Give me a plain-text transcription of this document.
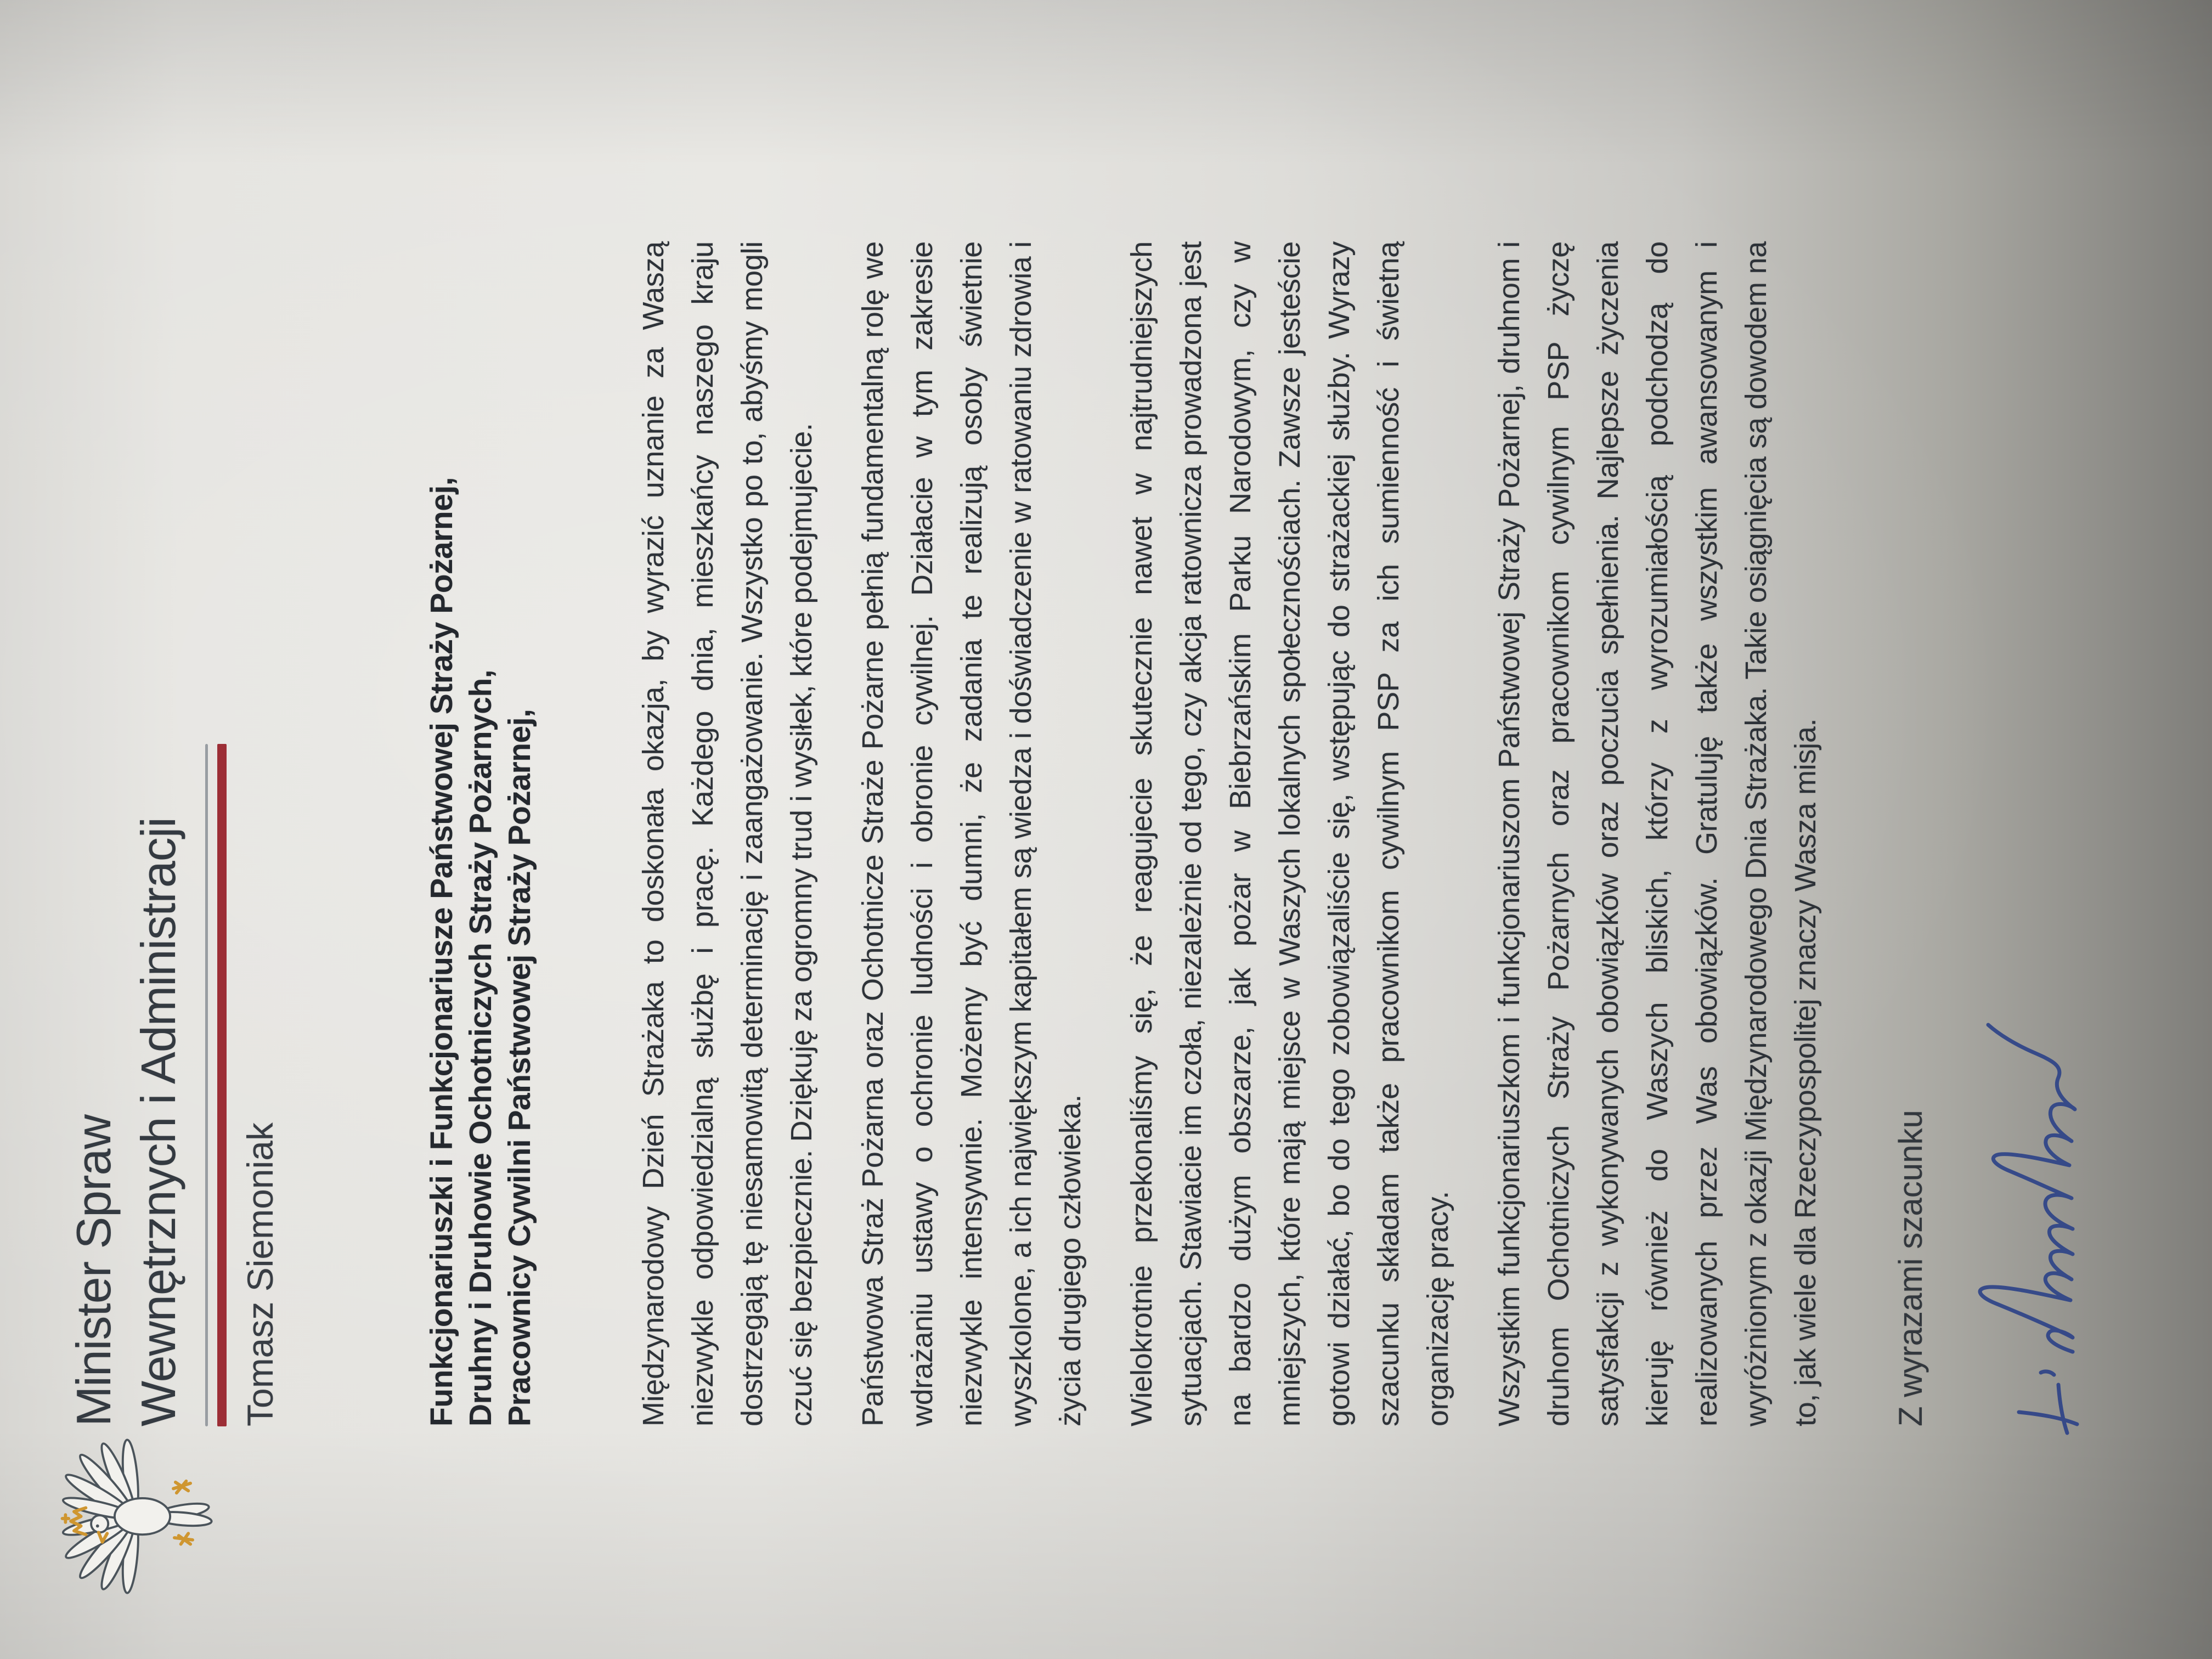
Minister Spraw Wewnętrznych i Administracji Tomasz Siemoniak	Funkcjonariuszki i Funkcjonariusze Państwowej Straży Pożarnej, Druhny i Druhowie Ochotniczych Straży Pożarnych, Pracownicy Cywilni Państwowej Straży Pożarnej,	Międzynarodowy Dzień Strażaka to doskonała okazja, by wyrazić uznanie za Waszą niezwykle odpowiedzialną służbę i pracę. Każdego dnia, mieszkańcy naszego kraju dostrzegają tę niesamowitą determinację i zaangażowanie. Wszystko po to, abyśmy mogli czuć się bezpiecznie. Dziękuję za ogromny trud i wysiłek, które podejmujecie. Państwowa Straż Pożarna oraz Ochotnicze Straże Pożarne pełnią fundamentalną rolę we wdrażaniu ustawy o ochronie ludności i obronie cywilnej. Działacie w tym zakresie niezwykle intensywnie. Możemy być dumni, że zadania te realizują osoby świetnie wyszkolone, a ich największym kapitałem są wiedza i doświadczenie w ratowaniu zdrowia i życia drugiego człowieka. Wielokrotnie przekonaliśmy się, że reagujecie skutecznie nawet w najtrudniejszych sytuacjach. Stawiacie im czoła, niezależnie od tego, czy akcja ratownicza prowadzona jest na bardzo dużym obszarze, jak pożar w Biebrzańskim Parku Narodowym, czy w mniejszych, które mają miejsce w Waszych lokalnych społecznościach. Zawsze jesteście gotowi działać, bo do tego zobowiązaliście się, wstępując do strażackiej służby. Wyrazy szacunku składam także pracownikom cywilnym PSP za ich sumienność i świetną organizację pracy. Wszystkim funkcjonariuszkom i funkcjonariuszom Państwowej Straży Pożarnej, druhnom i druhom Ochotniczych Straży Pożarnych oraz pracownikom cywilnym PSP życzę satysfakcji z wykonywanych obowiązków oraz poczucia spełnienia. Najlepsze życzenia kieruję również do Waszych bliskich, którzy z wyrozumiałością podchodzą do realizowanych przez Was obowiązków. Gratuluję także wszystkim awansowanym i wyróżnionym z okazji Międzynarodowego Dnia Strażaka. Takie osiągnięcia są dowodem na to, jak wiele dla Rzeczypospolitej znaczy Wasza misja. Z wyrazami szacunku
